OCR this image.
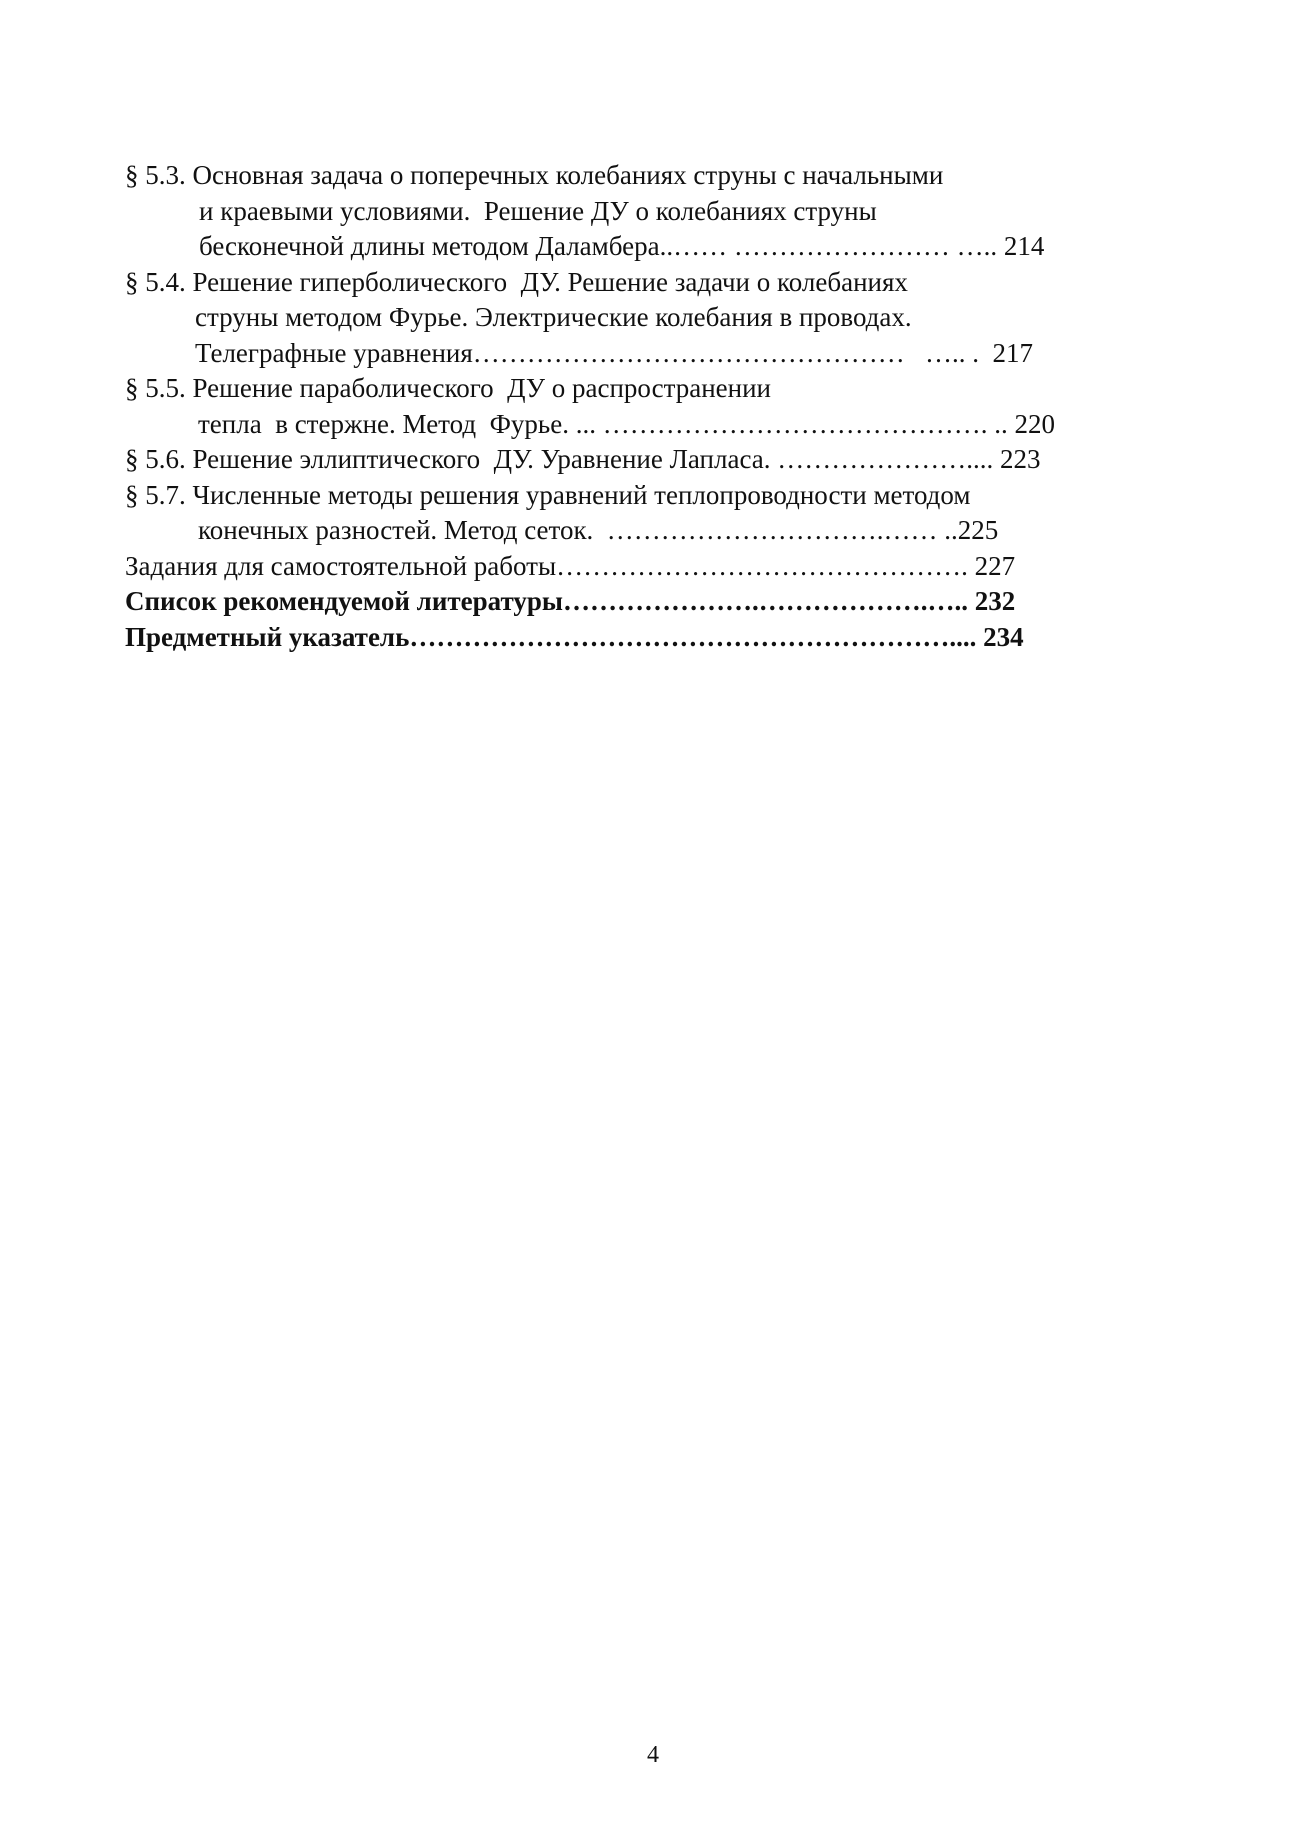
§ 5.3. Основная задача о поперечных колебаниях струны с начальными

и краевыми условиями.  Решение ДУ о колебаниях струны

бесконечной длины методом Даламбера..…… …………………… ….. 214

§ 5.4. Решение гиперболического  ДУ. Решение задачи о колебаниях

струны методом Фурье. Электрические колебания в проводах.

Телеграфные уравнения…………………………………………   ….. .  217

§ 5.5. Решение параболического  ДУ о распространении

тепла  в стержне. Метод  Фурье. ... ……………………………………. .. 220

§ 5.6. Решение эллиптического  ДУ. Уравнение Лапласа. ………………….... 223

§ 5.7. Численные методы решения уравнений теплопроводности методом

конечных разностей. Метод сеток.  ………………………….…… ..225

Задания для самостоятельной работы………………………………………. 227

Список рекомендуемой литературы………………….……………….….. 232

Предметный указатель…………………………………………………….... 234

4
